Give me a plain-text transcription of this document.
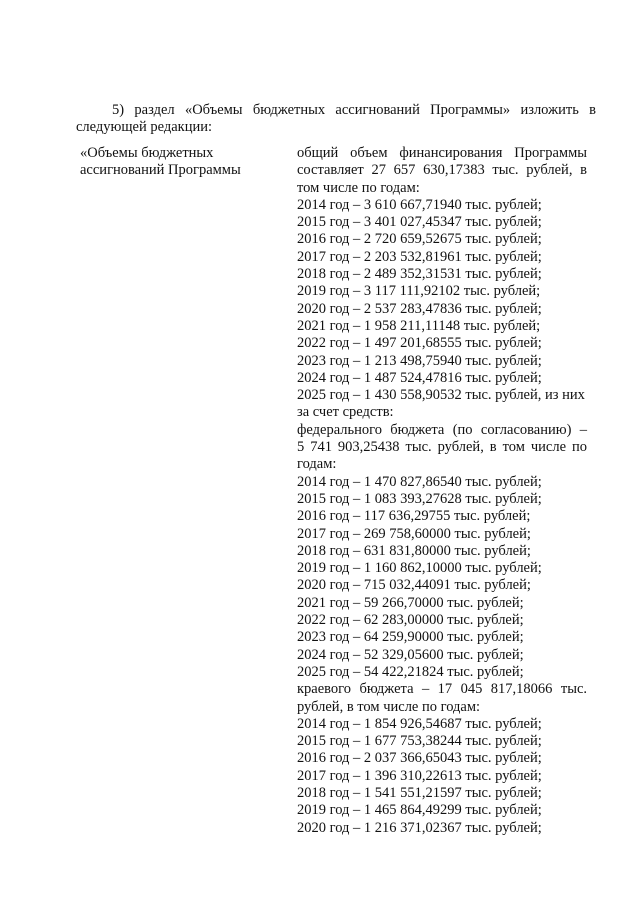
5) раздел «Объемы бюджетных ассигнований Программы» изложить в
следующей редакции:

«Объемы бюджетных
ассигнований Программы
общий объем финансирования Программы
составляет 27 657 630,17383 тыс. рублей, в
том числе по годам:
2014 год – 3 610 667,71940 тыс. рублей;
2015 год – 3 401 027,45347 тыс. рублей;
2016 год – 2 720 659,52675 тыс. рублей;
2017 год – 2 203 532,81961 тыс. рублей;
2018 год – 2 489 352,31531 тыс. рублей;
2019 год – 3 117 111,92102 тыс. рублей;
2020 год – 2 537 283,47836 тыс. рублей;
2021 год – 1 958 211,11148 тыс. рублей;
2022 год – 1 497 201,68555 тыс. рублей;
2023 год – 1 213 498,75940 тыс. рублей;
2024 год – 1 487 524,47816 тыс. рублей;
2025 год – 1 430 558,90532 тыс. рублей, из них
за счет средств:
федерального бюджета (по согласованию) –
5 741 903,25438 тыс. рублей, в том числе по
годам:
2014 год – 1 470 827,86540 тыс. рублей;
2015 год – 1 083 393,27628 тыс. рублей;
2016 год – 117 636,29755 тыс. рублей;
2017 год – 269 758,60000 тыс. рублей;
2018 год – 631 831,80000 тыс. рублей;
2019 год – 1 160 862,10000 тыс. рублей;
2020 год – 715 032,44091 тыс. рублей;
2021 год – 59 266,70000 тыс. рублей;
2022 год – 62 283,00000 тыс. рублей;
2023 год – 64 259,90000 тыс. рублей;
2024 год – 52 329,05600 тыс. рублей;
2025 год – 54 422,21824 тыс. рублей;
краевого бюджета – 17 045 817,18066 тыс.
рублей, в том числе по годам:
2014 год – 1 854 926,54687 тыс. рублей;
2015 год – 1 677 753,38244 тыс. рублей;
2016 год – 2 037 366,65043 тыс. рублей;
2017 год – 1 396 310,22613 тыс. рублей;
2018 год – 1 541 551,21597 тыс. рублей;
2019 год – 1 465 864,49299 тыс. рублей;
2020 год – 1 216 371,02367 тыс. рублей;
